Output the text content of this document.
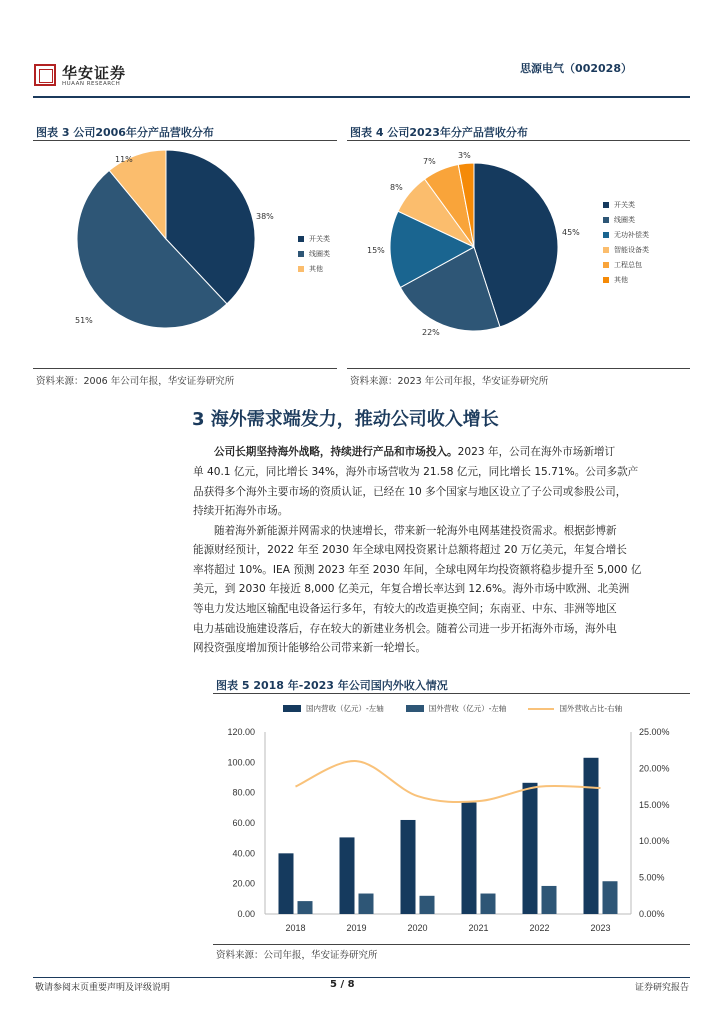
华安证券
HUAAN RESEARCH
思源电气（002028）
图表 3 公司2006年分产品营收分布
38%
51%
11%
开关类
线圈类
其他
资料来源：2006 年公司年报，华安证券研究所
图表 4 公司2023年分产品营收分布
45%
22%
15%
8%
7%
3%
开关类
线圈类
无功补偿类
智能设备类
工程总包
其他
资料来源：2023 年公司年报，华安证券研究所
3 海外需求端发力，推动公司收入增长
公司长期坚持海外战略，持续进行产品和市场投入。2023 年，公司在海外市场新增订
单 40.1 亿元，同比增长 34%，海外市场营收为 21.58 亿元，同比增长 15.71%。公司多款产
品获得多个海外主要市场的资质认证，已经在 10 多个国家与地区设立了子公司或参股公司，
持续开拓海外市场。
随着海外新能源并网需求的快速增长，带来新一轮海外电网基建投资需求。根据彭博新
能源财经预计，2022 年至 2030 年全球电网投资累计总额将超过 20 万亿美元，年复合增长
率将超过 10%。IEA 预测 2023 年至 2030 年间，全球电网年均投资额将稳步提升至 5,000 亿
美元，到 2030 年接近 8,000 亿美元，年复合增长率达到 12.6%。海外市场中欧洲、北美洲
等电力发达地区输配电设备运行多年，有较大的改造更换空间；东南亚、中东、非洲等地区
电力基础设施建设落后，存在较大的新建业务机会。随着公司进一步开拓海外市场，海外电
网投资强度增加预计能够给公司带来新一轮增长。
图表 5 2018 年-2023 年公司国内外收入情况
国内营收（亿元）-左轴	国外营收（亿元）-左轴	国外营收占比-右轴
0.00
20.00
40.00
60.00
80.00
100.00
120.00
0.00%
5.00%
10.00%
15.00%
20.00%
25.00%
2018	2019	2020	2021	2022	2023
资料来源：公司年报，华安证券研究所
敬请参阅末页重要声明及评级说明	5 / 8	证券研究报告
